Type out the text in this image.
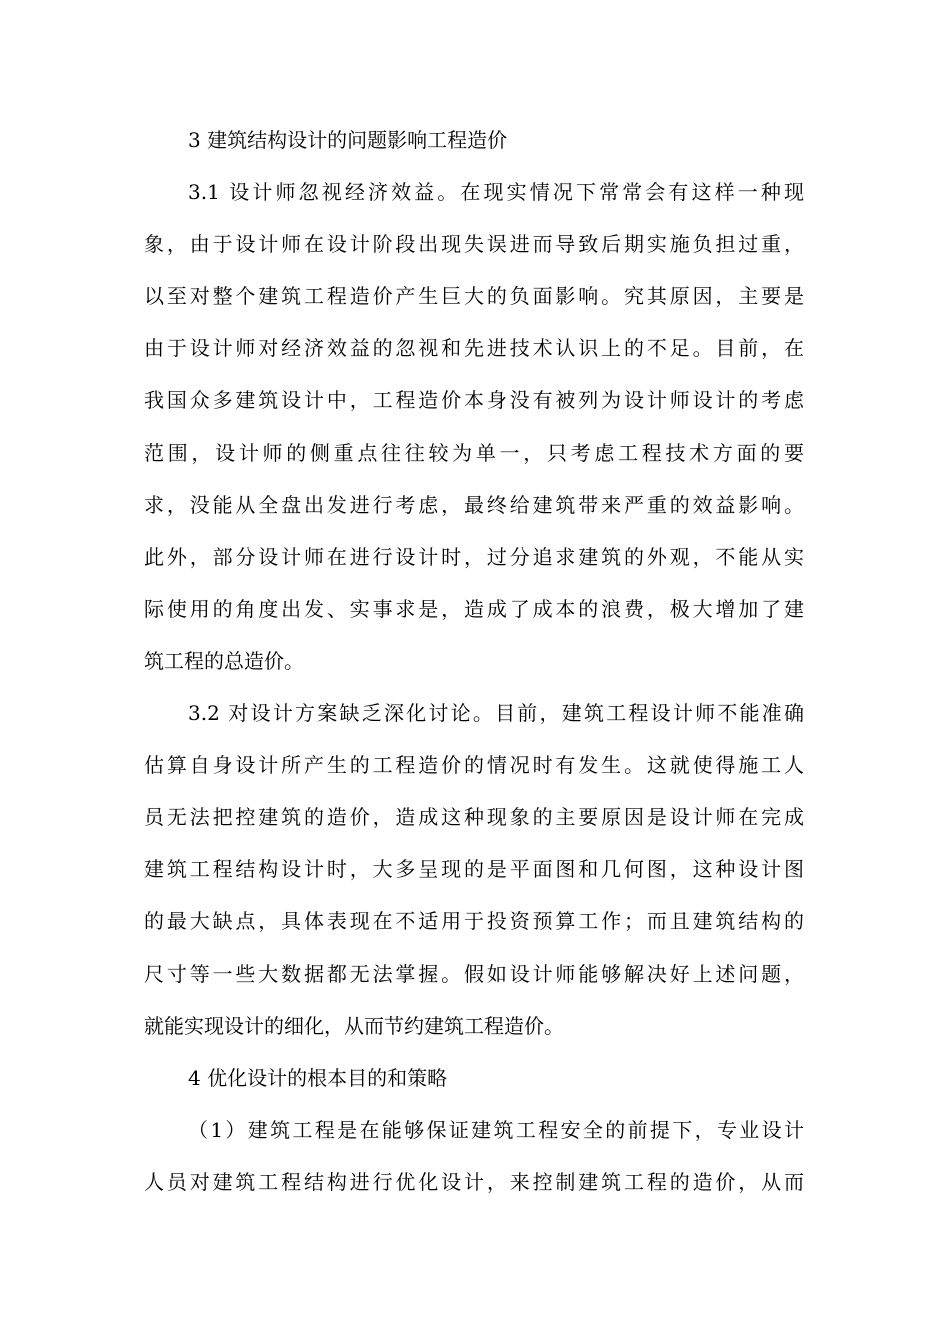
3 建筑结构设计的问题影响工程造价
3.1 设计师忽视经济效益。在现实情况下常常会有这样一种现
象，由于设计师在设计阶段出现失误进而导致后期实施负担过重，
以至对整个建筑工程造价产生巨大的负面影响。究其原因，主要是
由于设计师对经济效益的忽视和先进技术认识上的不足。目前，在
我国众多建筑设计中，工程造价本身没有被列为设计师设计的考虑
范围，设计师的侧重点往往较为单一，只考虑工程技术方面的要
求，没能从全盘出发进行考虑，最终给建筑带来严重的效益影响。
此外，部分设计师在进行设计时，过分追求建筑的外观，不能从实
际使用的角度出发、实事求是，造成了成本的浪费，极大增加了建
筑工程的总造价。
3.2 对设计方案缺乏深化讨论。目前，建筑工程设计师不能准确
估算自身设计所产生的工程造价的情况时有发生。这就使得施工人
员无法把控建筑的造价，造成这种现象的主要原因是设计师在完成
建筑工程结构设计时，大多呈现的是平面图和几何图，这种设计图
的最大缺点，具体表现在不适用于投资预算工作；而且建筑结构的
尺寸等一些大数据都无法掌握。假如设计师能够解决好上述问题，
就能实现设计的细化，从而节约建筑工程造价。
4 优化设计的根本目的和策略
（1）建筑工程是在能够保证建筑工程安全的前提下，专业设计
人员对建筑工程结构进行优化设计，来控制建筑工程的造价，从而
